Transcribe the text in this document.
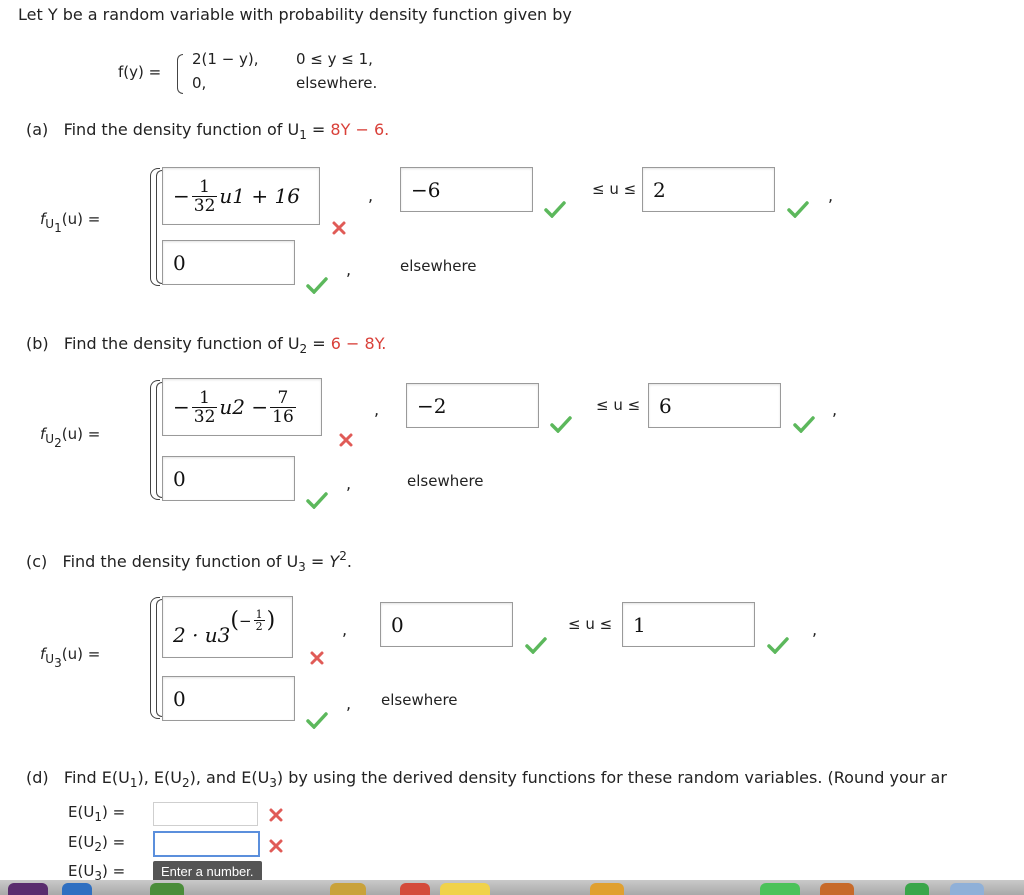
Let Y be a random variable with probability density function given by
f(y) =
2(1 − y), 0 ≤ y ≤ 1,
0,	elsewhere.
(a) Find the density function of $U_1 = 8Y - 6$.
$f_{U_1}(u)$ =
− $\frac{1}{32} u1 + 16$	, −6	≤ u ≤ 2	,
0	,	elsewhere
(b) Find the density function of $U_2 = 6 - 8Y$.
$f_{U_2}(u)$ =
− $\frac{1}{32} u2 - \frac{7}{16}$	, −2	≤ u ≤ 6	,
0	,	elsewhere
(c) Find the density function of $U_3 = Y^2$.
$f_{U_3}(u)$ =
2 · u3
( − $\frac{1}{2}$ )	, 0	≤ u ≤ 1	,
0	, elsewhere
(d) Find $E(U_1)$, $E(U_2)$, and $E(U_3)$ by using the derived density functions for these random variables. (Round your ar
$E(U_1)$ =
$E(U_2)$ =
$E(U_3)$ =	Enter a number.
